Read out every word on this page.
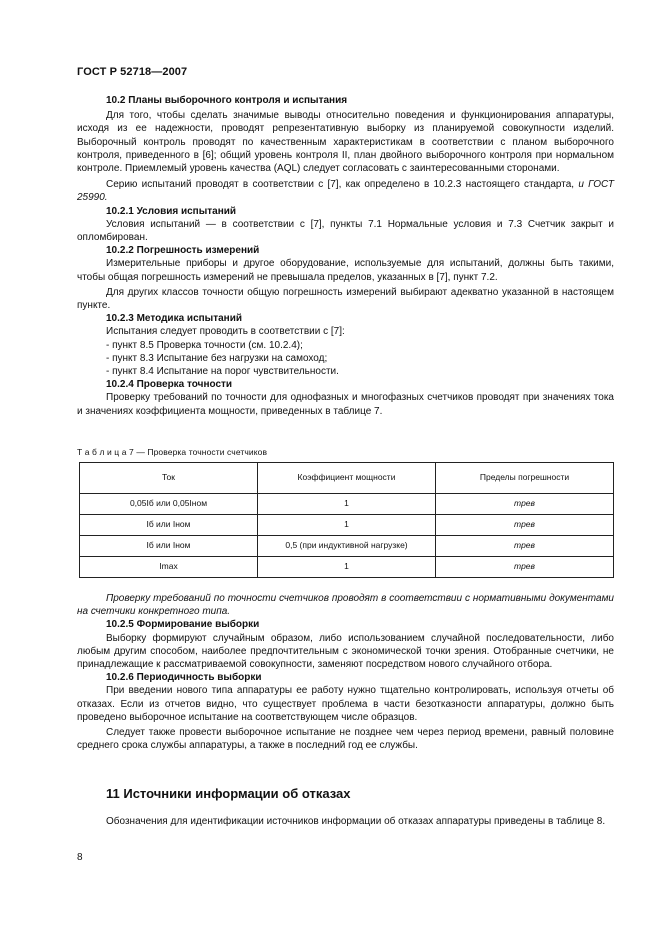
ГОСТ Р 52718—2007

10.2 Планы выборочного контроля и испытания

Для того, чтобы сделать значимые выводы относительно поведения и функционирования аппаратуры, исходя из ее надежности, проводят репрезентативную выборку из планируемой совокупности изделий. Выборочный контроль проводят по качественным характеристикам в соответствии с планом выборочного контроля, приведенного в [6]; общий уровень контроля II, план двойного выборочного контроля при нормальном контроле. Приемлемый уровень качества (AQL) следует согласовать с заинтересованными сторонами.

Серию испытаний проводят в соответствии с [7], как определено в 10.2.3 настоящего стандарта, и ГОСТ 25990.

10.2.1 Условия испытаний

Условия испытаний — в соответствии с [7], пункты 7.1 Нормальные условия и 7.3 Счетчик закрыт и опломбирован.

10.2.2 Погрешность измерений

Измерительные приборы и другое оборудование, используемые для испытаний, должны быть такими, чтобы общая погрешность измерений не превышала пределов, указанных в [7], пункт 7.2.

Для других классов точности общую погрешность измерений выбирают адекватно указанной в настоящем пункте.

10.2.3 Методика испытаний

Испытания следует проводить в соответствии с [7]:

- пункт 8.5 Проверка точности (см. 10.2.4);

- пункт 8.3 Испытание без нагрузки на самоход;

- пункт 8.4 Испытание на порог чувствительности.

10.2.4 Проверка точности

Проверку требований по точности для однофазных и многофазных счетчиков проводят при значениях тока и значениях коэффициента мощности, приведенных в таблице 7.

Т а б л и ц а 7 — Проверка точности счетчиков
Ток	Коэффициент мощности	Пределы погрешности
0,05Iб или 0,05Iном	1	mpeв
Iб или Iном	1	mpeв
Iб или Iном	0,5 (при индуктивной нагрузке)	mpeв
Imax	1	mpeв

Проверку требований по точности счетчиков проводят в соответствии с нормативными документами на счетчики конкретного типа.

10.2.5 Формирование выборки

Выборку формируют случайным образом, либо использованием случайной последовательности, либо любым другим способом, наиболее предпочтительным с экономической точки зрения. Отобранные счетчики, не принадлежащие к рассматриваемой совокупности, заменяют посредством нового случайного отбора.

10.2.6 Периодичность выборки

При введении нового типа аппаратуры ее работу нужно тщательно контролировать, используя отчеты об отказах. Если из отчетов видно, что существует проблема в части безотказности аппаратуры, должно быть проведено выборочное испытание на соответствующем числе образцов.

Следует также провести выборочное испытание не позднее чем через период времени, равный половине среднего срока службы аппаратуры, а также в последний год ее службы.

11 Источники информации об отказах

Обозначения для идентификации источников информации об отказах аппаратуры приведены в таблице 8.

8
